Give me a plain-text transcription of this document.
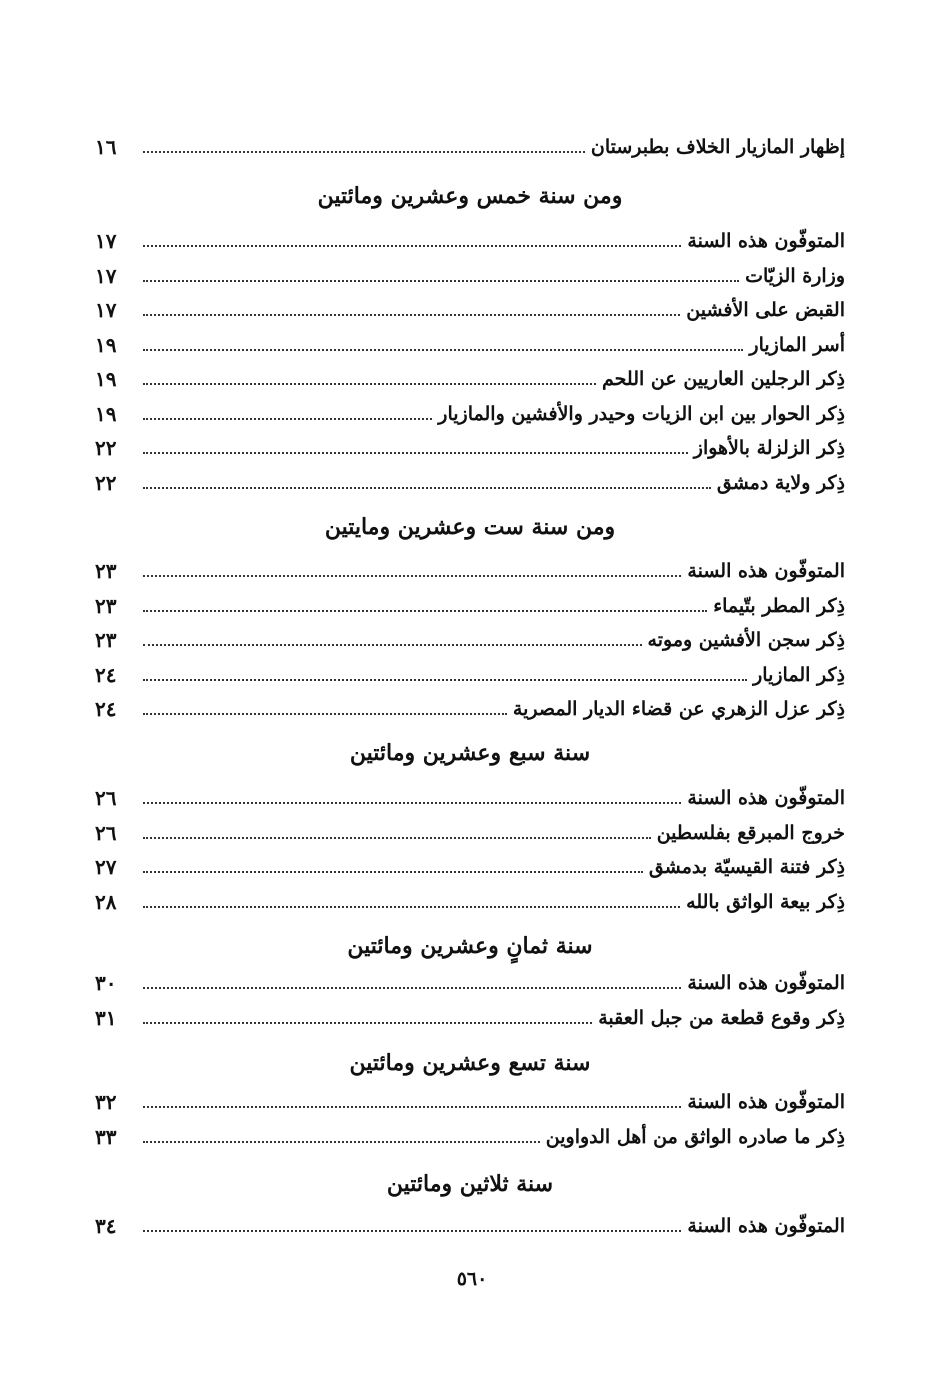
إظهار المازيار الخلاف بطبرستان
١٦
ومن سنة خمس وعشرين ومائتين
المتوفّون هذه السنة
١٧
وزارة الزيّات
١٧
القبض على الأفشين
١٧
أسر المازيار
١٩
ذِكر الرجلين العاريين عن اللحم
١٩
ذِكر الحوار بين ابن الزيات وحيدر والأفشين والمازيار
١٩
ذِكر الزلزلة بالأهواز
٢٢
ذِكر ولاية دمشق
٢٢
ومن سنة ست وعشرين ومايتين
المتوفّون هذه السنة
٢٣
ذِكر المطر بتّيماء
٢٣
ذِكر سجن الأفشين وموته
٢٣
ذِكر المازيار
٢٤
ذِكر عزل الزهري عن قضاء الديار المصرية
٢٤
سنة سبع وعشرين ومائتين
المتوفّون هذه السنة
٢٦
خروج المبرقع بفلسطين
٢٦
ذِكر فتنة القيسيّة بدمشق
٢٧
ذِكر بيعة الواثق بالله
٢٨
سنة ثمانٍ وعشرين ومائتين
المتوفّون هذه السنة
٣٠
ذِكر وقوع قطعة من جبل العقبة
٣١
سنة تسع وعشرين ومائتين
المتوفّون هذه السنة
٣٢
ذِكر ما صادره الواثق من أهل الدواوين
٣٣
سنة ثلاثين ومائتين
المتوفّون هذه السنة
٣٤
٥٦٠
